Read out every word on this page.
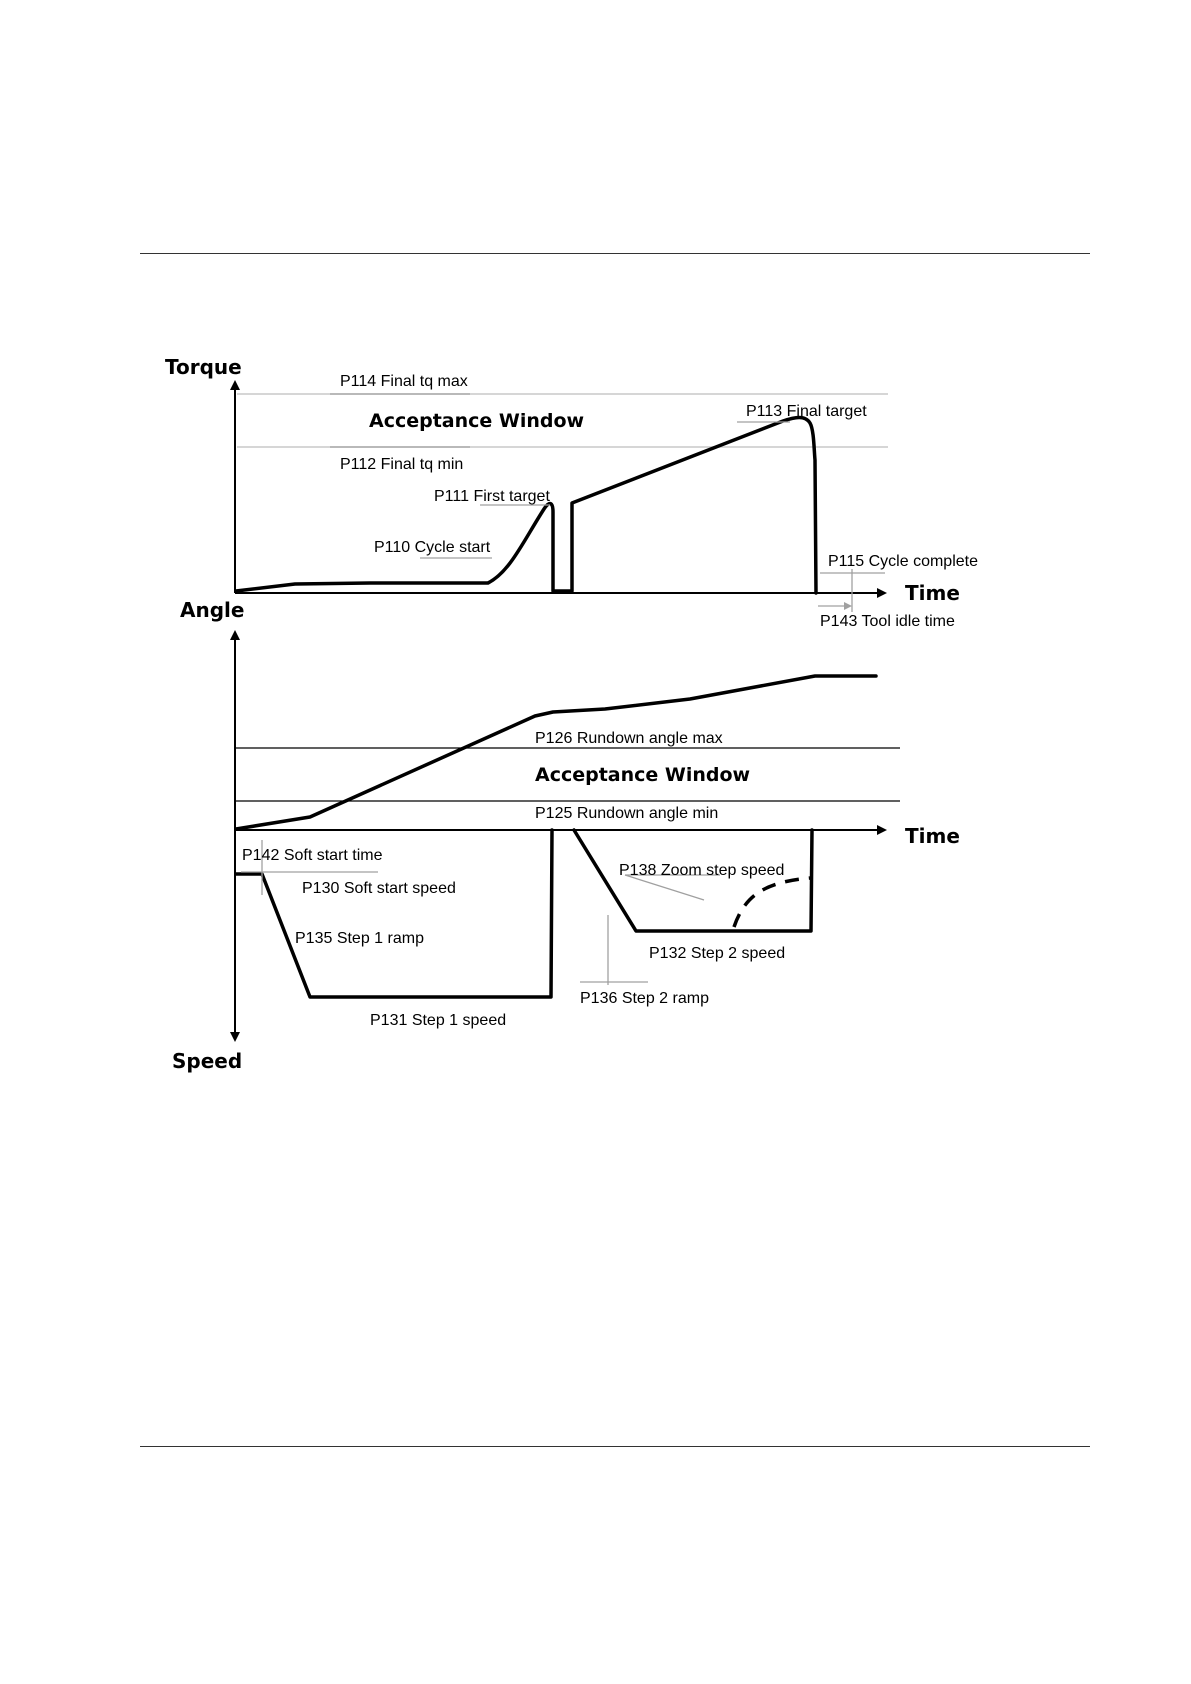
Torque
Time
Acceptance Window
P114 Final tq max
P112 Final tq min
P113 Final target
P111 First target
P110 Cycle start
P115 Cycle complete
P143 Tool idle time
Angle
Speed
Time
Acceptance Window
P126 Rundown angle max
P125 Rundown angle min
P142 Soft start time
P130 Soft start speed
P135 Step 1 ramp
P131 Step 1 speed
P138 Zoom step speed
P132 Step 2 speed
P136 Step 2 ramp
